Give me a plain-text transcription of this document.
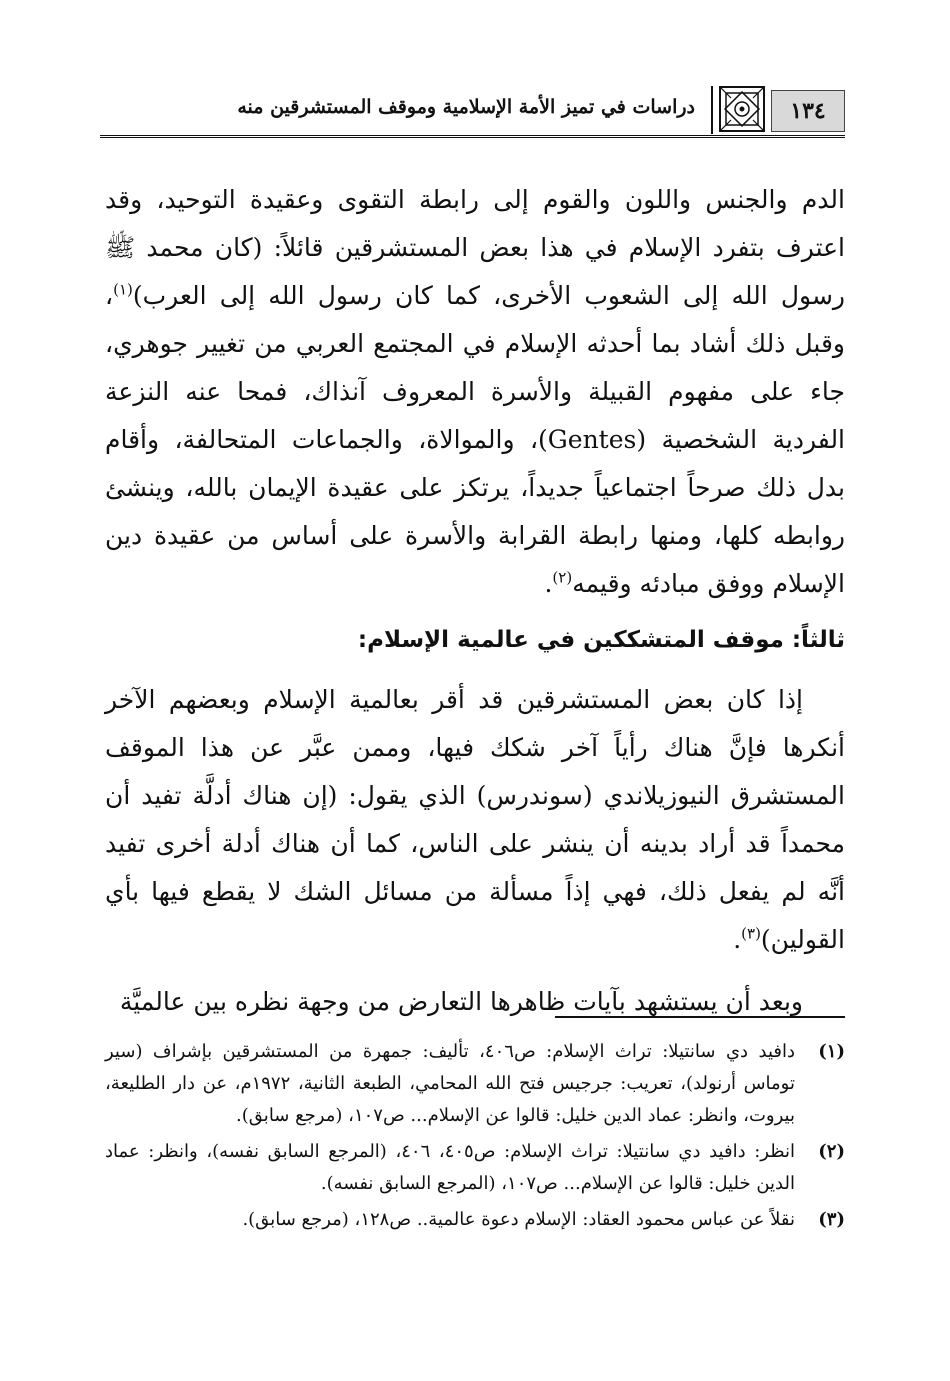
١٣٤
دراسات في تميز الأمة الإسلامية وموقف المستشرقين منه

الدم والجنس واللون والقوم إلى رابطة التقوى وعقيدة التوحيد، وقد اعترف بتفرد الإسلام في هذا بعض المستشرقين قائلاً: (كان محمد ﷺ رسول الله إلى الشعوب الأخرى، كما كان رسول الله إلى العرب)$^{(١)}$، وقبل ذلك أشاد بما أحدثه الإسلام في المجتمع العربي من تغيير جوهري، جاء على مفهوم القبيلة والأسرة المعروف آنذاك، فمحا عنه النزعة الفردية الشخصية (Gentes)، والموالاة، والجماعات المتحالفة، وأقام بدل ذلك صرحاً اجتماعياً جديداً، يرتكز على عقيدة الإيمان بالله، وينشئ روابطه كلها، ومنها رابطة القرابة والأسرة على أساس من عقيدة دين الإسلام ووفق مبادئه وقيمه$^{(٢)}$.

ثالثاً: موقف المتشككين في عالمية الإسلام:

إذا كان بعض المستشرقين قد أقر بعالمية الإسلام وبعضهم الآخر أنكرها فإنَّ هناك رأياً آخر شكك فيها، وممن عبَّر عن هذا الموقف المستشرق النيوزيلاندي (سوندرس) الذي يقول: (إن هناك أدلَّة تفيد أن محمداً قد أراد بدينه أن ينشر على الناس، كما أن هناك أدلة أخرى تفيد أنَّه لم يفعل ذلك، فهي إذاً مسألة من مسائل الشك لا يقطع فيها بأي القولين)$^{(٣)}$.

وبعد أن يستشهد بآيات ظاهرها التعارض من وجهة نظره بين عالميَّة

(١)
دافيد دي سانتيلا: تراث الإسلام: ص٤٠٦، تأليف: جمهرة من المستشرقين بإشراف (سير توماس أرنولد)، تعريب: جرجيس فتح الله المحامي، الطبعة الثانية، ١٩٧٢م، عن دار الطليعة، بيروت، وانظر: عماد الدين خليل: قالوا عن الإسلام... ص١٠٧، (مرجع سابق).
(٢)
انظر: دافيد دي سانتيلا: تراث الإسلام: ص٤٠٥، ٤٠٦، (المرجع السابق نفسه)، وانظر: عماد الدين خليل: قالوا عن الإسلام... ص١٠٧، (المرجع السابق نفسه).
(٣)
نقلاً عن عباس محمود العقاد: الإسلام دعوة عالمية.. ص١٢٨، (مرجع سابق).
